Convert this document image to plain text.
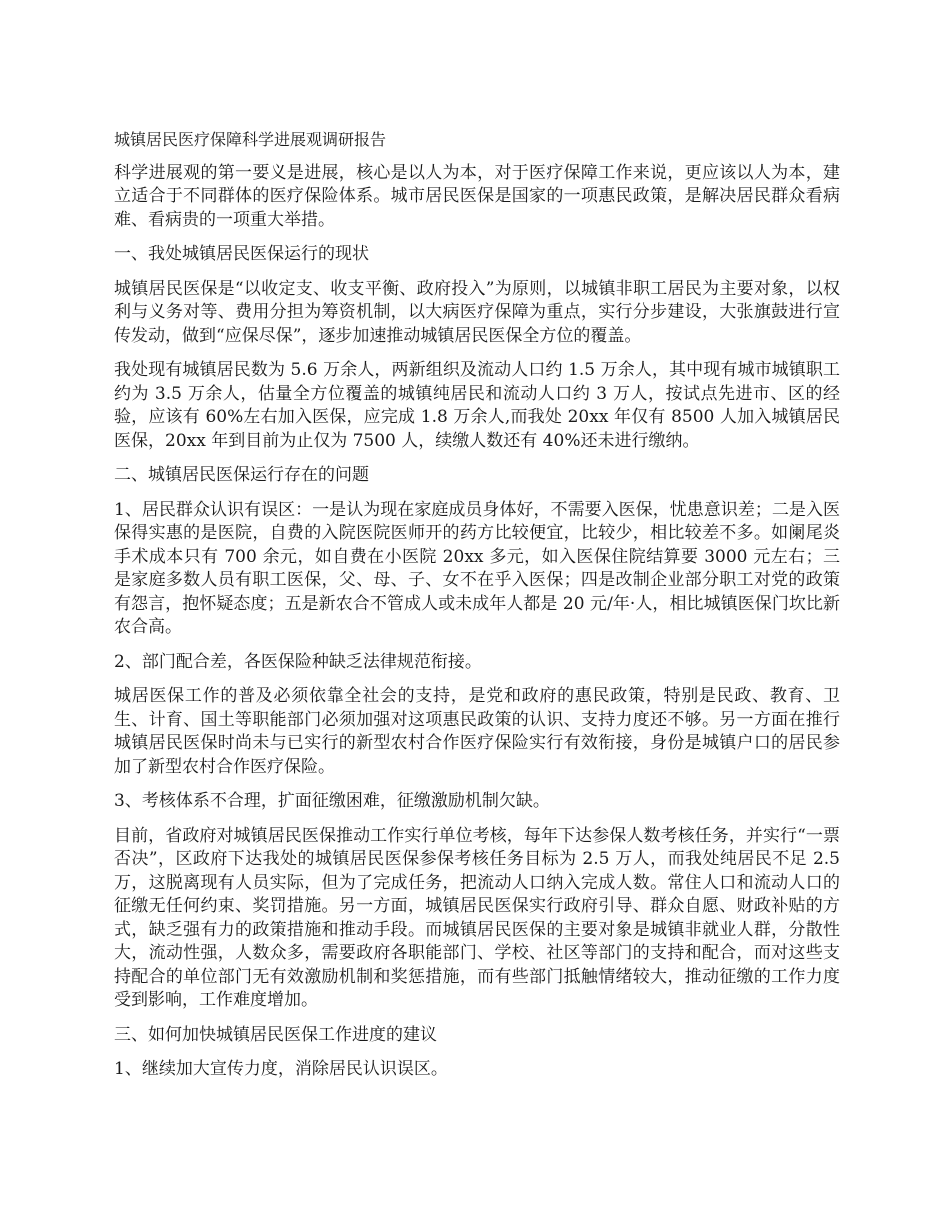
城镇居民医疗保障科学进展观调研报告
科学进展观的第一要义是进展，核心是以人为本，对于医疗保障工作来说，更应该以人为本，建立适合于不同群体的医疗保险体系。城市居民医保是国家的一项惠民政策，是解决居民群众看病难、看病贵的一项重大举措。
一、我处城镇居民医保运行的现状
城镇居民医保是“以收定支、收支平衡、政府投入”为原则，以城镇非职工居民为主要对象，以权利与义务对等、费用分担为筹资机制，以大病医疗保障为重点，实行分步建设，大张旗鼓进行宣传发动，做到“应保尽保”，逐步加速推动城镇居民医保全方位的覆盖。
我处现有城镇居民数为 5.6 万余人，两新组织及流动人口约 1.5 万余人，其中现有城市城镇职工约为 3.5 万余人，估量全方位覆盖的城镇纯居民和流动人口约 3 万人，按试点先进市、区的经验，应该有 60%左右加入医保，应完成 1.8 万余人,而我处 20xx 年仅有 8500 人加入城镇居民医保，20xx 年到目前为止仅为 7500 人，续缴人数还有 40%还未进行缴纳。
二、城镇居民医保运行存在的问题
1、居民群众认识有误区：一是认为现在家庭成员身体好，不需要入医保，忧患意识差；二是入医保得实惠的是医院，自费的入院医院医师开的药方比较便宜，比较少，相比较差不多。如阑尾炎手术成本只有 700 余元，如自费在小医院 20xx 多元，如入医保住院结算要 3000 元左右；三是家庭多数人员有职工医保，父、母、子、女不在乎入医保；四是改制企业部分职工对党的政策有怨言，抱怀疑态度；五是新农合不管成人或未成年人都是 20 元/年·人，相比城镇医保门坎比新农合高。
2、部门配合差，各医保险种缺乏法律规范衔接。
城居医保工作的普及必须依靠全社会的支持，是党和政府的惠民政策，特别是民政、教育、卫生、计育、国土等职能部门必须加强对这项惠民政策的认识、支持力度还不够。另一方面在推行城镇居民医保时尚未与已实行的新型农村合作医疗保险实行有效衔接，身份是城镇户口的居民参加了新型农村合作医疗保险。
3、考核体系不合理，扩面征缴困难，征缴激励机制欠缺。
目前，省政府对城镇居民医保推动工作实行单位考核，每年下达参保人数考核任务，并实行“一票否决”，区政府下达我处的城镇居民医保参保考核任务目标为 2.5 万人，而我处纯居民不足 2.5 万，这脱离现有人员实际，但为了完成任务，把流动人口纳入完成人数。常住人口和流动人口的征缴无任何约束、奖罚措施。另一方面，城镇居民医保实行政府引导、群众自愿、财政补贴的方式，缺乏强有力的政策措施和推动手段。而城镇居民医保的主要对象是城镇非就业人群，分散性大，流动性强，人数众多，需要政府各职能部门、学校、社区等部门的支持和配合，而对这些支持配合的单位部门无有效激励机制和奖惩措施，而有些部门抵触情绪较大，推动征缴的工作力度受到影响，工作难度增加。
三、如何加快城镇居民医保工作进度的建议
1、继续加大宣传力度，消除居民认识误区。
